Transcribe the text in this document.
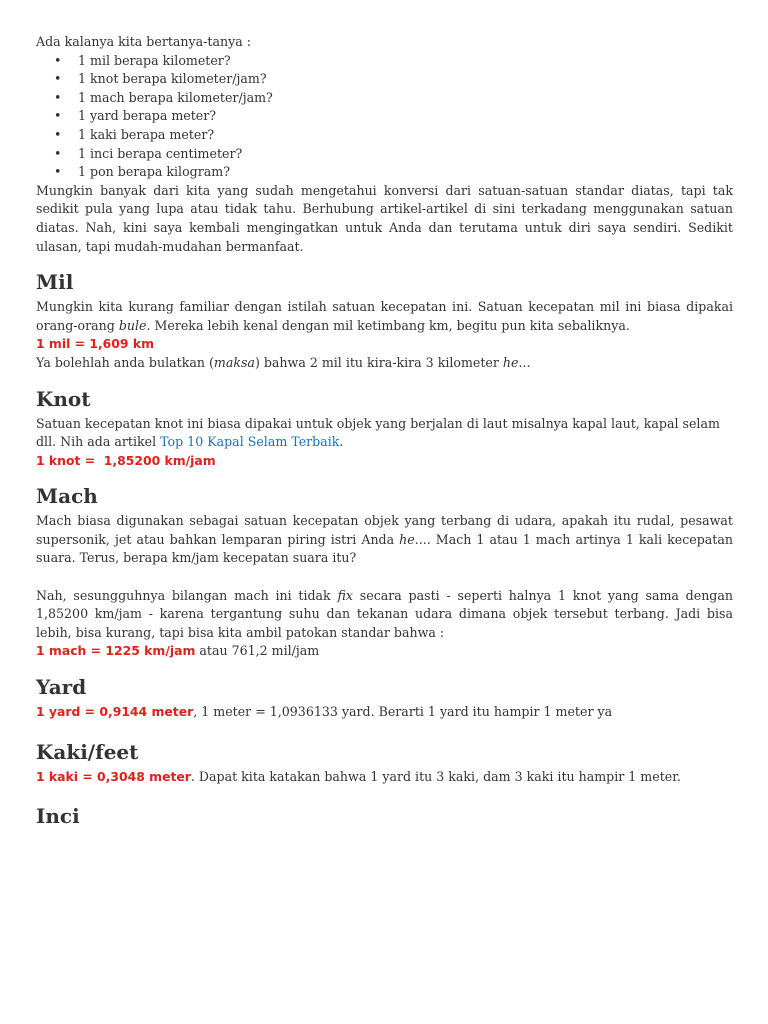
Ada kalanya kita bertanya-tanya :

• 1 mil berapa kilometer?
• 1 knot berapa kilometer/jam?
• 1 mach berapa kilometer/jam?
• 1 yard berapa meter?
• 1 kaki berapa meter?
• 1 inci berapa centimeter?
• 1 pon berapa kilogram?

Mungkin banyak dari kita yang sudah mengetahui konversi dari satuan-satuan standar diatas, tapi tak sedikit pula yang lupa atau tidak tahu. Berhubung artikel-artikel di sini terkadang menggunakan satuan diatas. Nah, kini saya kembali mengingatkan untuk Anda dan terutama untuk diri saya sendiri. Sedikit ulasan, tapi mudah-mudahan bermanfaat.

Mil

Mungkin kita kurang familiar dengan istilah satuan kecepatan ini. Satuan kecepatan mil ini biasa dipakai orang-orang bule. Mereka lebih kenal dengan mil ketimbang km, begitu pun kita sebaliknya.

1 mil = 1,609 km

Ya bolehlah anda bulatkan (maksa) bahwa 2 mil itu kira-kira 3 kilometer he...

Knot

Satuan kecepatan knot ini biasa dipakai untuk objek yang berjalan di laut misalnya kapal laut, kapal selam dll. Nih ada artikel Top 10 Kapal Selam Terbaik.

1 knot =  1,85200 km/jam

Mach

Mach biasa digunakan sebagai satuan kecepatan objek yang terbang di udara, apakah itu rudal, pesawat supersonik, jet atau bahkan lemparan piring istri Anda he.... Mach 1 atau 1 mach artinya 1 kali kecepatan suara. Terus, berapa km/jam kecepatan suara itu?

Nah, sesungguhnya bilangan mach ini tidak fix secara pasti - seperti halnya 1 knot yang sama dengan 1,85200 km/jam - karena tergantung suhu dan tekanan udara dimana objek tersebut terbang. Jadi bisa lebih, bisa kurang, tapi bisa kita ambil patokan standar bahwa :

1 mach = 1225 km/jam atau 761,2 mil/jam

Yard

1 yard = 0,9144 meter, 1 meter = 1,0936133 yard. Berarti 1 yard itu hampir 1 meter ya

Kaki/feet

1 kaki = 0,3048 meter. Dapat kita katakan bahwa 1 yard itu 3 kaki, dam 3 kaki itu hampir 1 meter.

Inci
